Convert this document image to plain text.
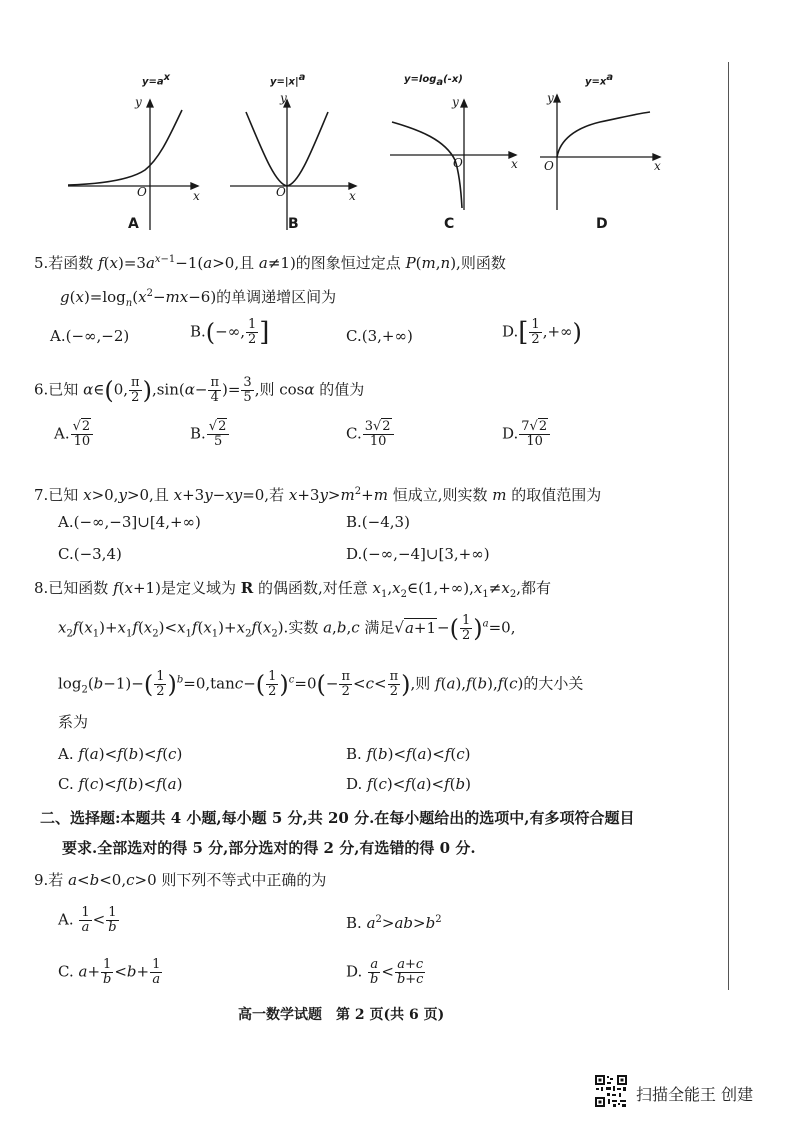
y
O	x
y
O	x
y
O	x
y
O	x
$y=a^x$	$y=|x|^a$	$y=\log_a(-x)$	$y=x^a$
A	B	C	D
5.若函数 $f(x)=3a^{x-1}-1(a>0$,且 a≠1)的图象恒过定点 P(m,n),则函数
$g(x)=\log_n(x^2-mx-6)$的单调递增区间为
A.(−∞,−2)	B.(−∞, $\frac{1}{2}$ ]	C.(3,+∞)	$D.[ \frac{1}{2}$ ,+∞)
6.已知 α∈(0, $\frac{\pi}{2} ),\sin(\alpha- \frac{\pi}{4}$ )= $\frac{3}{5}$ ,则 cosα 的值为
A. $\frac{√2}{10}$	B. $\frac{√2}{5}$	C. $\frac{3√2}{10}$	D. $\frac{7√2}{10}$
7.已知 x>0,y>0,且 x+3y−xy=0,若 $x+3y>m^2+m$ 恒成立,则实数 m 的取值范围为
A.(−∞,−3]∪[4,+∞)	B.(−4,3)
C.(−3,4)	D.(−∞,−4]∪[3,+∞)
8.已知函数 f(x+1)是定义域为 R 的偶函数,对任意 $x_1,x_2\in(1,+\infty),x_1\ne x_2$,都有
$x_2f(x_1)+x_1f(x_2)<x_1f(x_1)+x_2f(x_2)$.实数 a,b,c 满足$√a+1-( \frac{1}{2} )^a=0$,
$\log_2(b-1)-( \frac{1}{2} )^b=0,\tan c-( \frac{1}{2} )^c=0(- \frac{\pi}{2} <c< \frac{\pi}{2}$ ),则 f(a),f(b),f(c)的大小关
系为
A. f(a)<f(b)<f(c)	B. f(b)<f(a)<f(c)
C. f(c)<f(b)<f(a)	D. f(c)<f(a)<f(b)
二、选择题:本题共 4 小题,每小题 5 分,共 20 分.在每小题给出的选项中,有多项符合题目
要求.全部选对的得 5 分,部分选对的得 2 分,有选错的得 0 分.
9.若 a<b<0,c>0 则下列不等式中正确的为
A. $\frac{1}{a} < \frac{1}{b}$	B. $a^2>ab>b^2$
C. $a+ \frac{1}{b} <b+ \frac{1}{a}$	D. $\frac{a}{b} < \frac{a+c}{b+c}$
高一数学试题　第 2 页(共 6 页)
扫描全能王 创建
